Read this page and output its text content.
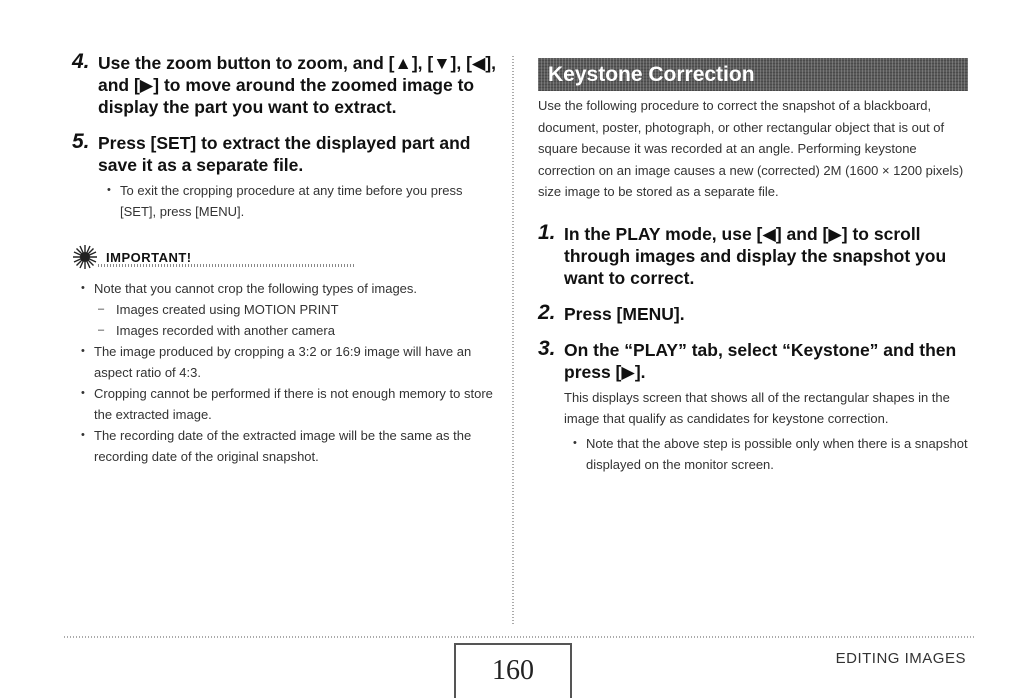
4. Use the zoom button to zoom, and [▲], [▼], [◀], and [▶] to move around the zoomed image to display the part you want to extract.
5. Press [SET] to extract the displayed part and save it as a separate file.
• To exit the cropping procedure at any time before you press [SET], press [MENU].
IMPORTANT!
• Note that you cannot crop the following types of images.
– Images created using MOTION PRINT
– Images recorded with another camera
• The image produced by cropping a 3:2 or 16:9 image will have an aspect ratio of 4:3.
• Cropping cannot be performed if there is not enough memory to store the extracted image.
• The recording date of the extracted image will be the same as the recording date of the original snapshot.
Keystone Correction
Use the following procedure to correct the snapshot of a blackboard, document, poster, photograph, or other rectangular object that is out of square because it was recorded at an angle. Performing keystone correction on an image causes a new (corrected) 2M (1600 × 1200 pixels) size image to be stored as a separate file.
1. In the PLAY mode, use [◀] and [▶] to scroll through images and display the snapshot you want to correct.
2. Press [MENU].
3. On the “PLAY” tab, select “Keystone” and then press [▶].
This displays screen that shows all of the rectangular shapes in the image that qualify as candidates for keystone correction.
• Note that the above step is possible only when there is a snapshot displayed on the monitor screen.
160	EDITING IMAGES
